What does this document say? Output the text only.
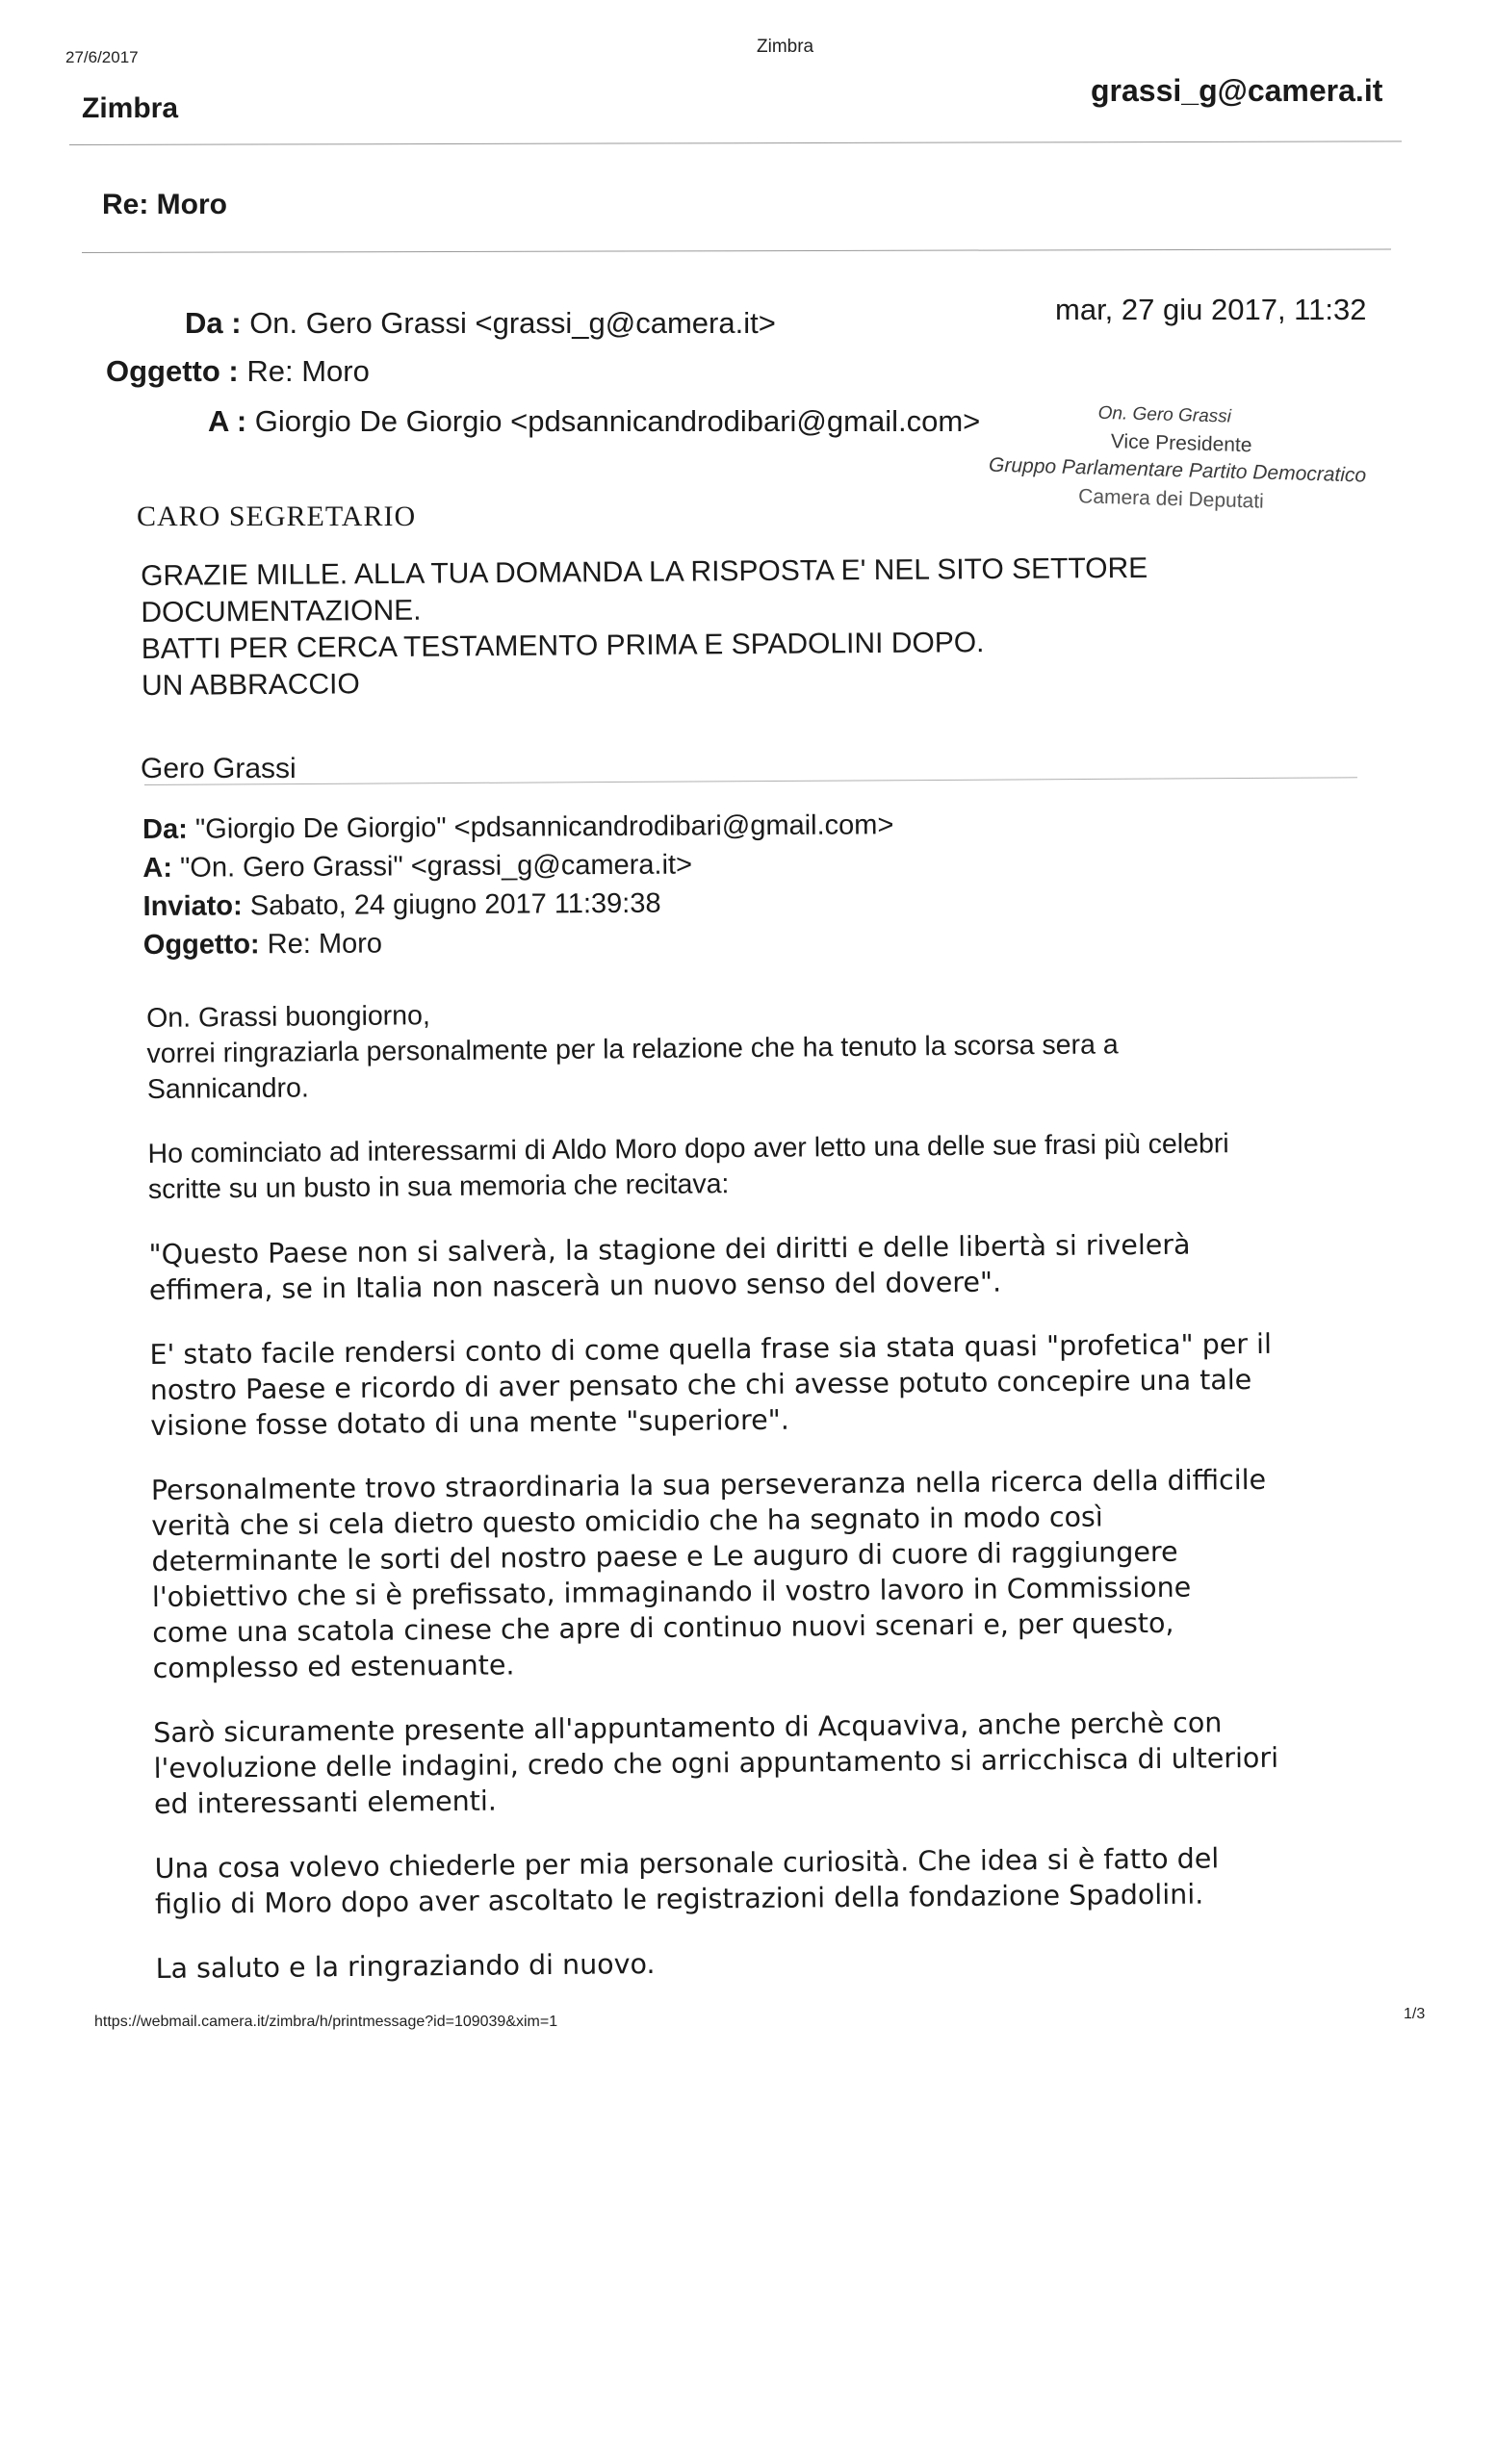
27/6/2017
Zimbra
Zimbra
grassi_g@camera.it
Re: Moro
Da : On. Gero Grassi <grassi_g@camera.it>
Oggetto : Re: Moro
A : Giorgio De Giorgio <pdsannicandrodibari@gmail.com>
mar, 27 giu 2017, 11:32
On. Gero Grassi
Vice Presidente
Gruppo Parlamentare Partito Democratico
Camera dei Deputati
CARO SEGRETARIO
GRAZIE MILLE. ALLA TUA DOMANDA LA RISPOSTA E' NEL SITO SETTORE
DOCUMENTAZIONE.
BATTI PER CERCA TESTAMENTO PRIMA E SPADOLINI DOPO.
UN ABBRACCIO
Gero Grassi
Da: "Giorgio De Giorgio" <pdsannicandrodibari@gmail.com>
A: "On. Gero Grassi" <grassi_g@camera.it>
Inviato: Sabato, 24 giugno 2017 11:39:38
Oggetto: Re: Moro
On. Grassi buongiorno,
vorrei ringraziarla personalmente per la relazione che ha tenuto la scorsa sera a
Sannicandro.
Ho cominciato ad interessarmi di Aldo Moro dopo aver letto una delle sue frasi più celebri
scritte su un busto in sua memoria che recitava:
"Questo Paese non si salverà, la stagione dei diritti e delle libertà si rivelerà
effimera, se in Italia non nascerà un nuovo senso del dovere".
E' stato facile rendersi conto di come quella frase sia stata quasi "profetica" per il
nostro Paese e ricordo di aver pensato che chi avesse potuto concepire una tale
visione fosse dotato di una mente "superiore".
Personalmente trovo straordinaria la sua perseveranza nella ricerca della difficile
verità che si cela dietro questo omicidio che ha segnato in modo così
determinante le sorti del nostro paese e Le auguro di cuore di raggiungere
l'obiettivo che si è prefissato, immaginando il vostro lavoro in Commissione
come una scatola cinese che apre di continuo nuovi scenari e, per questo,
complesso ed estenuante.
Sarò sicuramente presente all'appuntamento di Acquaviva, anche perchè con
l'evoluzione delle indagini, credo che ogni appuntamento si arricchisca di ulteriori
ed interessanti elementi.
Una cosa volevo chiederle per mia personale curiosità. Che idea si è fatto del
figlio di Moro dopo aver ascoltato le registrazioni della fondazione Spadolini.
La saluto e la ringraziando di nuovo.
https://webmail.camera.it/zimbra/h/printmessage?id=109039&xim=1	1/3
